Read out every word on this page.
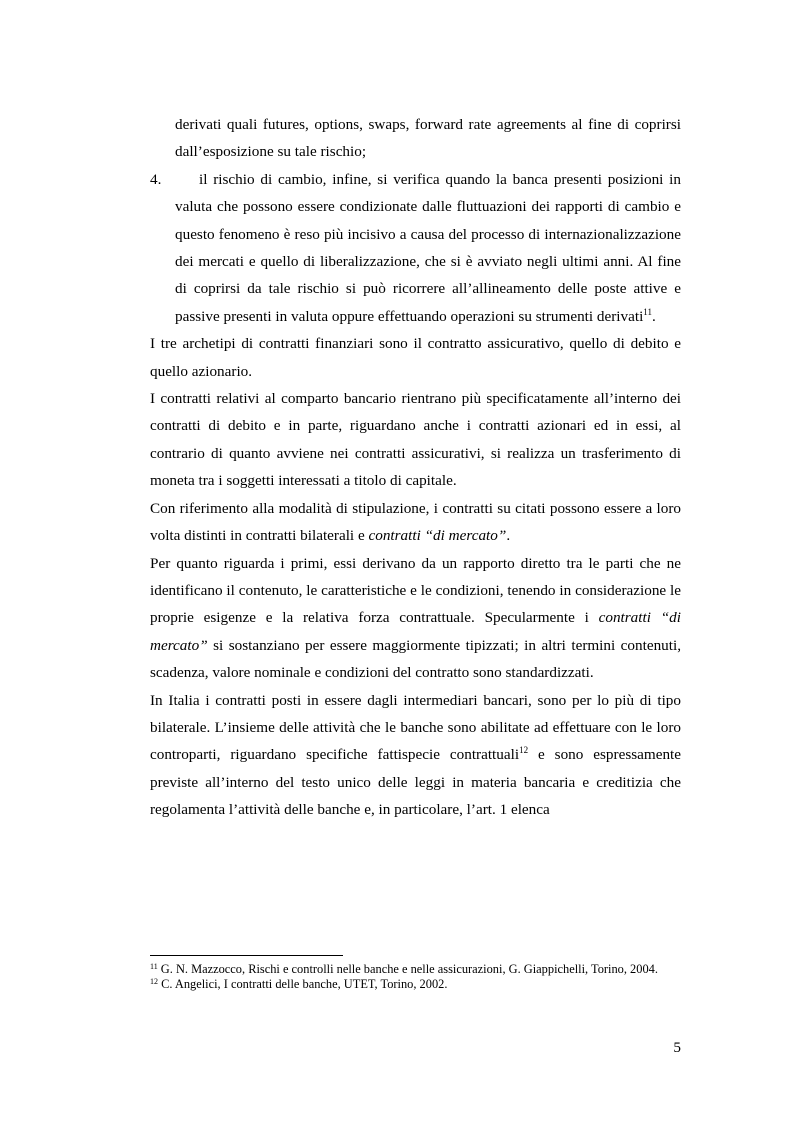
derivati quali futures, options, swaps, forward rate agreements al fine di coprirsi dall’esposizione su tale rischio;

4.	il rischio di cambio, infine, si verifica quando la banca presenti posizioni in valuta che possono essere condizionate dalle fluttuazioni dei rapporti di cambio e questo fenomeno è reso più incisivo a causa del processo di internazionalizzazione dei mercati e quello di liberalizzazione, che si è avviato negli ultimi anni. Al fine di coprirsi da tale rischio si può ricorrere all’allineamento delle poste attive e passive presenti in valuta oppure effettuando operazioni su strumenti derivati$^{11}$.

I tre archetipi di contratti finanziari sono il contratto assicurativo, quello di debito e quello azionario.

I contratti relativi al comparto bancario rientrano più specificatamente all’interno dei contratti di debito e in parte, riguardano anche i contratti azionari ed in essi, al contrario di quanto avviene nei contratti assicurativi, si realizza un trasferimento di moneta tra i soggetti interessati a titolo di capitale.

Con riferimento alla modalità di stipulazione, i contratti su citati possono essere a loro volta distinti in contratti bilaterali e contratti “di mercato”.

Per quanto riguarda i primi, essi derivano da un rapporto diretto tra le parti che ne identificano il contenuto, le caratteristiche e le condizioni, tenendo in considerazione le proprie esigenze e la relativa forza contrattuale. Specularmente i contratti “di mercato” si sostanziano per essere maggiormente tipizzati; in altri termini contenuti, scadenza, valore nominale e condizioni del contratto sono standardizzati.

In Italia i contratti posti in essere dagli intermediari bancari, sono per lo più di tipo bilaterale. L’insieme delle attività che le banche sono abilitate ad effettuare con le loro controparti, riguardano specifiche fattispecie contrattuali$^{12}$ e sono espressamente previste all’interno del testo unico delle leggi in materia bancaria e creditizia che regolamenta l’attività delle banche e, in particolare, l’art. 1 elenca

$^{11}$ G. N. Mazzocco, Rischi e controlli nelle banche e nelle assicurazioni, G. Giappichelli, Torino, 2004.

$^{12}$ C. Angelici, I contratti delle banche, UTET, Torino, 2002.

5
